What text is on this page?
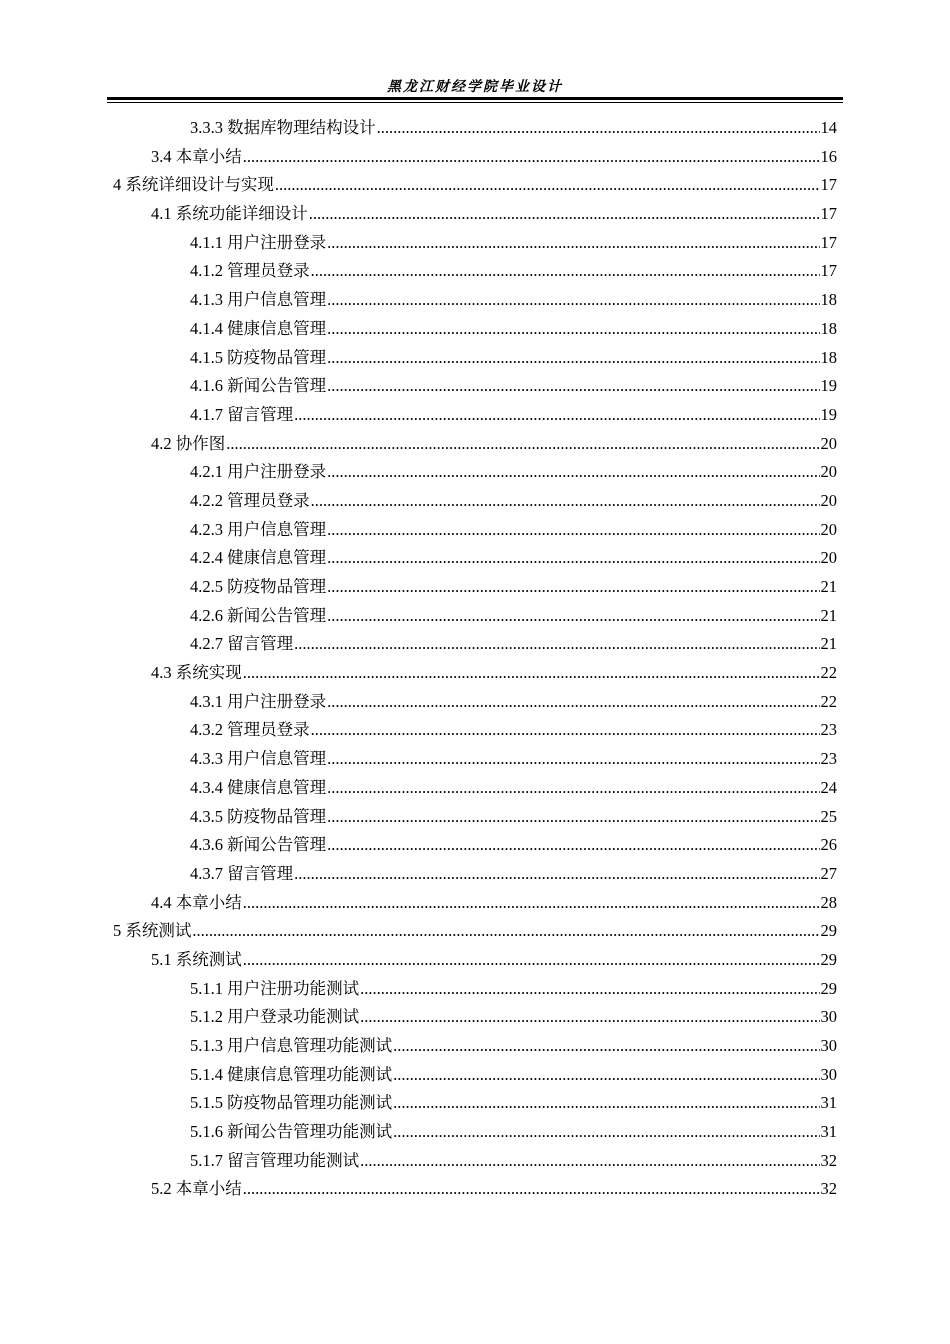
黑龙江财经学院毕业设计
3.3.3 数据库物理结构设计 .....	14
3.4 本章小结 .....	16
4 系统详细设计与实现 .....	17
4.1 系统功能详细设计 .....	17
4.1.1 用户注册登录 .....	17
4.1.2 管理员登录 .....	17
4.1.3 用户信息管理 .....	18
4.1.4 健康信息管理 .....	18
4.1.5 防疫物品管理 .....	18
4.1.6 新闻公告管理 .....	19
4.1.7 留言管理 .....	19
4.2 协作图 .....	20
4.2.1 用户注册登录 .....	20
4.2.2 管理员登录 .....	20
4.2.3 用户信息管理 .....	20
4.2.4 健康信息管理 .....	20
4.2.5 防疫物品管理 .....	21
4.2.6 新闻公告管理 .....	21
4.2.7 留言管理 .....	21
4.3 系统实现 .....	22
4.3.1 用户注册登录 .....	22
4.3.2 管理员登录 .....	23
4.3.3 用户信息管理 .....	23
4.3.4 健康信息管理 .....	24
4.3.5 防疫物品管理 .....	25
4.3.6 新闻公告管理 .....	26
4.3.7 留言管理 .....	27
4.4 本章小结 .....	28
5 系统测试 .....	29
5.1 系统测试 .....	29
5.1.1 用户注册功能测试 .....	29
5.1.2 用户登录功能测试 .....	30
5.1.3 用户信息管理功能测试 .....	30
5.1.4 健康信息管理功能测试 .....	30
5.1.5 防疫物品管理功能测试 .....	31
5.1.6 新闻公告管理功能测试 .....	31
5.1.7 留言管理功能测试 .....	32
5.2 本章小结 .....	32
